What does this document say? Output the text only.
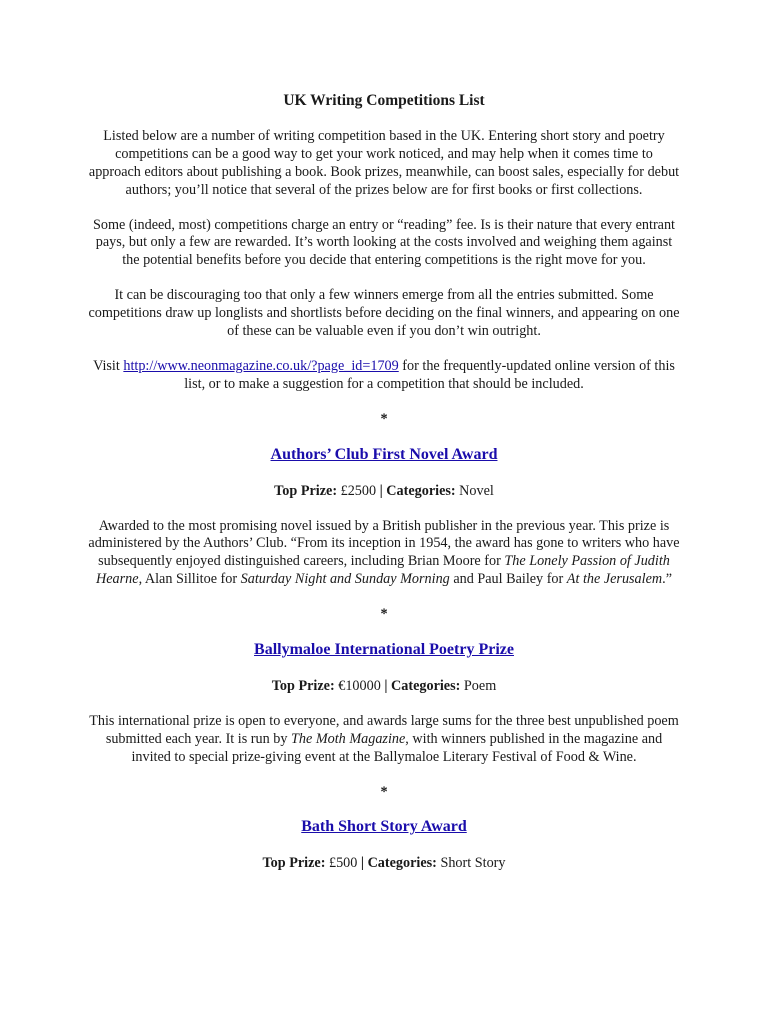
UK Writing Competitions List

Listed below are a number of writing competition based in the UK. Entering short story and poetry competitions can be a good way to get your work noticed, and may help when it comes time to approach editors about publishing a book. Book prizes, meanwhile, can boost sales, especially for debut authors; you’ll notice that several of the prizes below are for first books or first collections.

Some (indeed, most) competitions charge an entry or “reading” fee. Is is their nature that every entrant pays, but only a few are rewarded. It’s worth looking at the costs involved and weighing them against the potential benefits before you decide that entering competitions is the right move for you.

It can be discouraging too that only a few winners emerge from all the entries submitted. Some competitions draw up longlists and shortlists before deciding on the final winners, and appearing on one of these can be valuable even if you don’t win outright.

Visit http://www.neonmagazine.co.uk/?page_id=1709 for the frequently-updated online version of this list, or to make a suggestion for a competition that should be included.

*
Authors’ Club First Novel Award

Top Prize: £2500 | Categories: Novel

Awarded to the most promising novel issued by a British publisher in the previous year. This prize is administered by the Authors’ Club. “From its inception in 1954, the award has gone to writers who have subsequently enjoyed distinguished careers, including Brian Moore for The Lonely Passion of Judith Hearne, Alan Sillitoe for Saturday Night and Sunday Morning and Paul Bailey for At the Jerusalem.”

*
Ballymaloe International Poetry Prize

Top Prize: €10000 | Categories: Poem

This international prize is open to everyone, and awards large sums for the three best unpublished poem submitted each year. It is run by The Moth Magazine, with winners published in the magazine and invited to special prize-giving event at the Ballymaloe Literary Festival of Food & Wine.

*
Bath Short Story Award

Top Prize: £500 | Categories: Short Story
